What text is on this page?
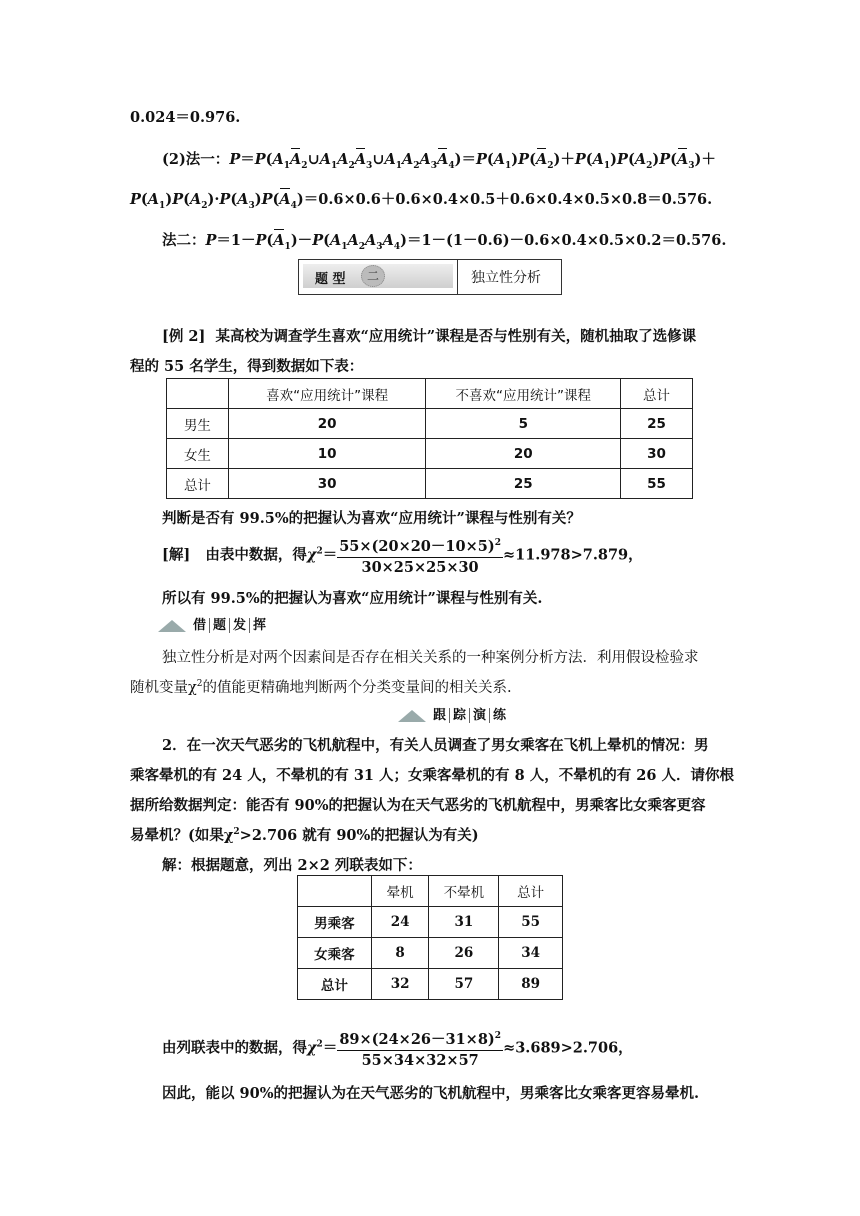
0.024＝0.976.
(2)法一：$P=P(A_1A_2\cup A_1A_2A_3\cup A_1A_2A_3A_4)=P(A_1)P(A_2)+P(A_1)P(A_2)P(A_3)+$
$P(A_1)P(A_2)\cdot P(A_3)P(A_4)=0.6\times 0.6+0.6\times 0.4\times 0.5+0.6\times 0.4\times 0.5\times 0.8=0.576$.
法二：$P=1-P(A_1)-P(A_1A_2A_3A_4)=1-(1-0.6)-0.6\times 0.4\times 0.5\times 0.2=0.576$.
题 型	二	独立性分析
[例 2] 某高校为调查学生喜欢“应用统计”课程是否与性别有关，随机抽取了选修课
程的 55 名学生，得到数据如下表：
	喜欢“应用统计”课程	不喜欢“应用统计”课程	总计
男生	20	5	25
女生	10	20	30
总计	30	25	55
判断是否有 99.5%的把握认为喜欢“应用统计”课程与性别有关？
[解] 由表中数据，得$\chi^2= \frac{55\times(20\times 20-10\times 5)^2}{30\times 25\times 25\times 30} \approx 11.978>7.879$，
所以有 99.5%的把握认为喜欢“应用统计”课程与性别有关.
借 题 发 挥
独立性分析是对两个因素间是否存在相关关系的一种案例分析方法．利用假设检验求
随机变量$\chi^2$的值能更精确地判断两个分类变量间的相关关系.
跟 踪 演 练
2．在一次天气恶劣的飞机航程中，有关人员调查了男女乘客在飞机上晕机的情况：男
乘客晕机的有 24 人，不晕机的有 31 人；女乘客晕机的有 8 人，不晕机的有 26 人．请你根
据所给数据判定：能否有 90%的把握认为在天气恶劣的飞机航程中，男乘客比女乘客更容
易晕机？(如果$\chi^2>2.706$ 就有 90%的把握认为有关)
解：根据题意，列出 2×2 列联表如下：
	晕机	不晕机	总计
男乘客	24	31	55
女乘客	8	26	34
总计	32	57	89
由列联表中的数据，得$\chi^2= \frac{89\times(24\times 26-31\times 8)^2}{55\times 34\times 32\times 57} \approx 3.689>2.706$，
因此，能以 90%的把握认为在天气恶劣的飞机航程中，男乘客比女乘客更容易晕机.
